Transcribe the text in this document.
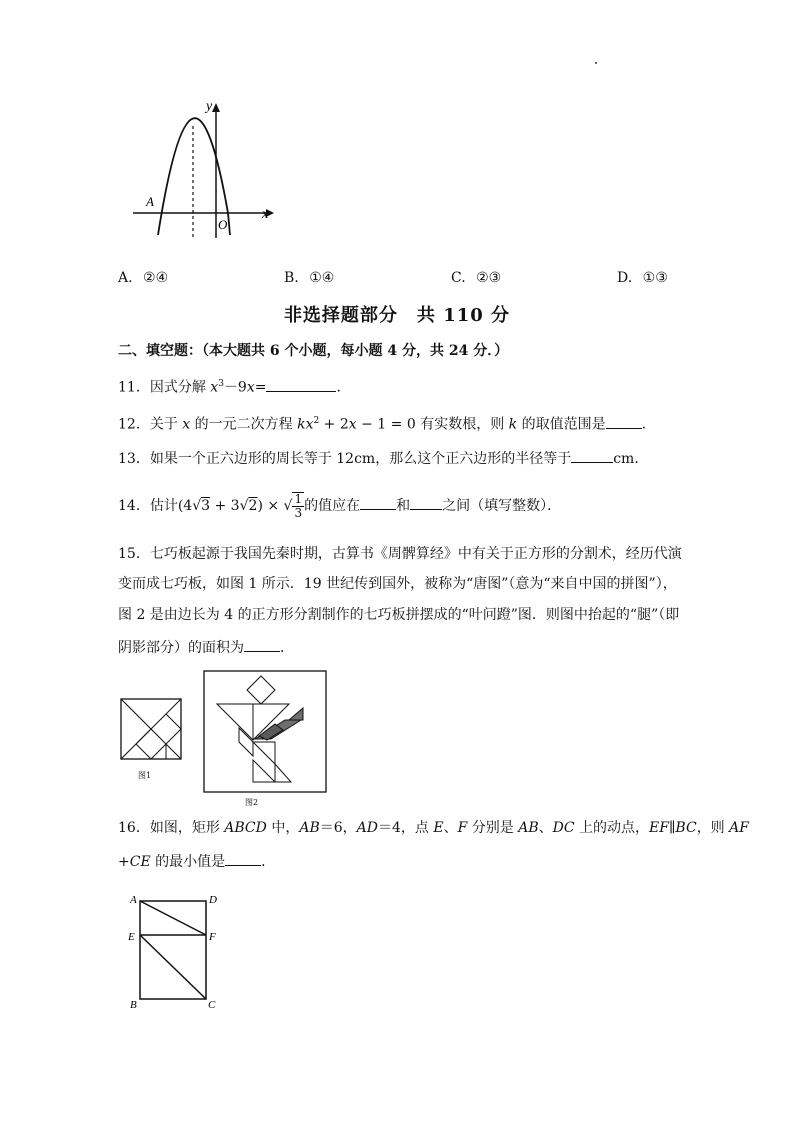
y
x
O
A
A. ②④	B. ①④	C. ②③	D. ①③
非选择题部分　共 110 分
二、填空题：（本大题共 6 个小题，每小题 4 分，共 24 分．）
11．因式分解 $x^3-9x=$	．
12．关于 x 的一元二次方程 $kx^2 + 2x - 1 = 0$ 有实数根，则 k 的取值范围是	．
13．如果一个正六边形的周长等于 12cm，那么这个正六边形的半径等于	cm．
14．估计(4√3 + 3√2) × √ $\frac{1}{3}$ 的值应在	和 之间（填写整数）．
15．七巧板起源于我国先秦时期，古算书《周髀算经》中有关于正方形的分割术，经历代演
变而成七巧板，如图 1 所示．19 世纪传到国外，被称为“唐图”（意为“来自中国的拼图”），
图 2 是由边长为 4 的正方形分割制作的七巧板拼摆成的“叶问蹬”图．则图中抬起的“腿”（即
阴影部分）的面积为	．
图1
图2
16．如图，矩形 ABCD 中，AB＝6，AD＝4，点 E、F 分别是 AB、DC 上的动点，EF∥BC，则 AF
+CE 的最小值是	．
A	D
E	F
B	C
